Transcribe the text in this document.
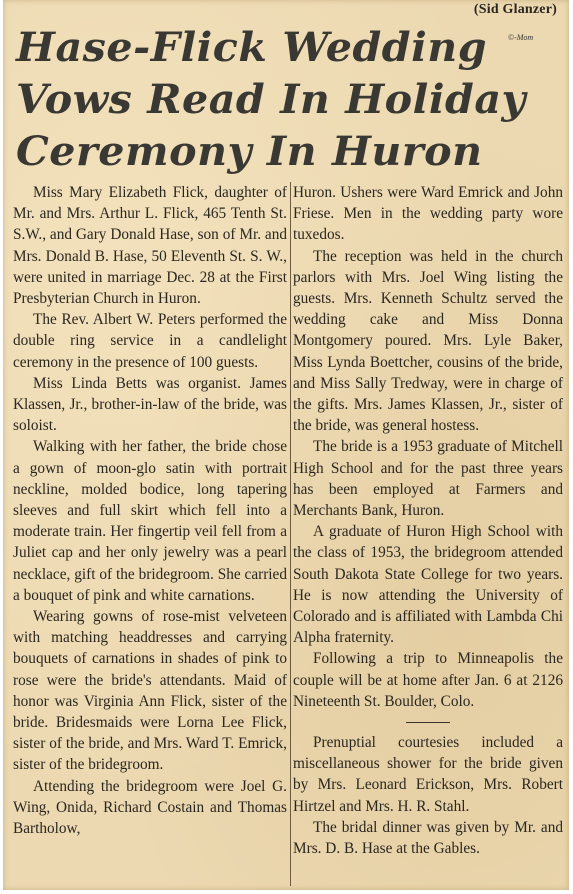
(Sid Glanzer)
Hase-Flick Wedding
Vows Read In Holiday
Ceremony In Huron
©-Mom

Miss Mary Elizabeth Flick, daughter of Mr. and Mrs. Arthur L. Flick, 465 Tenth St. S.W., and Gary Donald Hase, son of Mr. and Mrs. Donald B. Hase, 50 Eleventh St. S. W., were united in marriage Dec. 28 at the First Presbyterian Church in Huron.

The Rev. Albert W. Peters performed the double ring service in a candlelight ceremony in the presence of 100 guests.

Miss Linda Betts was organist. James Klassen, Jr., brother-in-law of the bride, was soloist.

Walking with her father, the bride chose a gown of moon-glo satin with portrait neckline, molded bodice, long tapering sleeves and full skirt which fell into a moderate train. Her fingertip veil fell from a Juliet cap and her only jewelry was a pearl necklace, gift of the bridegroom. She carried a bouquet of pink and white carnations.

Wearing gowns of rose-mist velveteen with matching headdresses and carrying bouquets of carnations in shades of pink to rose were the bride's attendants. Maid of honor was Virginia Ann Flick, sister of the bride. Bridesmaids were Lorna Lee Flick, sister of the bride, and Mrs. Ward T. Emrick, sister of the bridegroom.

Attending the bridegroom were Joel G. Wing, Onida, Richard Costain and Thomas Bartholow,

Huron. Ushers were Ward Emrick and John Friese. Men in the wedding party wore tuxedos.

The reception was held in the church parlors with Mrs. Joel Wing listing the guests. Mrs. Kenneth Schultz served the wedding cake and Miss Donna Montgomery poured. Mrs. Lyle Baker, Miss Lynda Boettcher, cousins of the bride, and Miss Sally Tredway, were in charge of the gifts. Mrs. James Klassen, Jr., sister of the bride, was general hostess.

The bride is a 1953 graduate of Mitchell High School and for the past three years has been employed at Farmers and Merchants Bank, Huron.

A graduate of Huron High School with the class of 1953, the bridegroom attended South Dakota State College for two years. He is now attending the University of Colorado and is affiliated with Lambda Chi Alpha fraternity.

Following a trip to Minneapolis the couple will be at home after Jan. 6 at 2126 Nineteenth St. Boulder, Colo.

Prenuptial courtesies included a miscellaneous shower for the bride given by Mrs. Leonard Erickson, Mrs. Robert Hirtzel and Mrs. H. R. Stahl.

The bridal dinner was given by Mr. and Mrs. D. B. Hase at the Gables.
